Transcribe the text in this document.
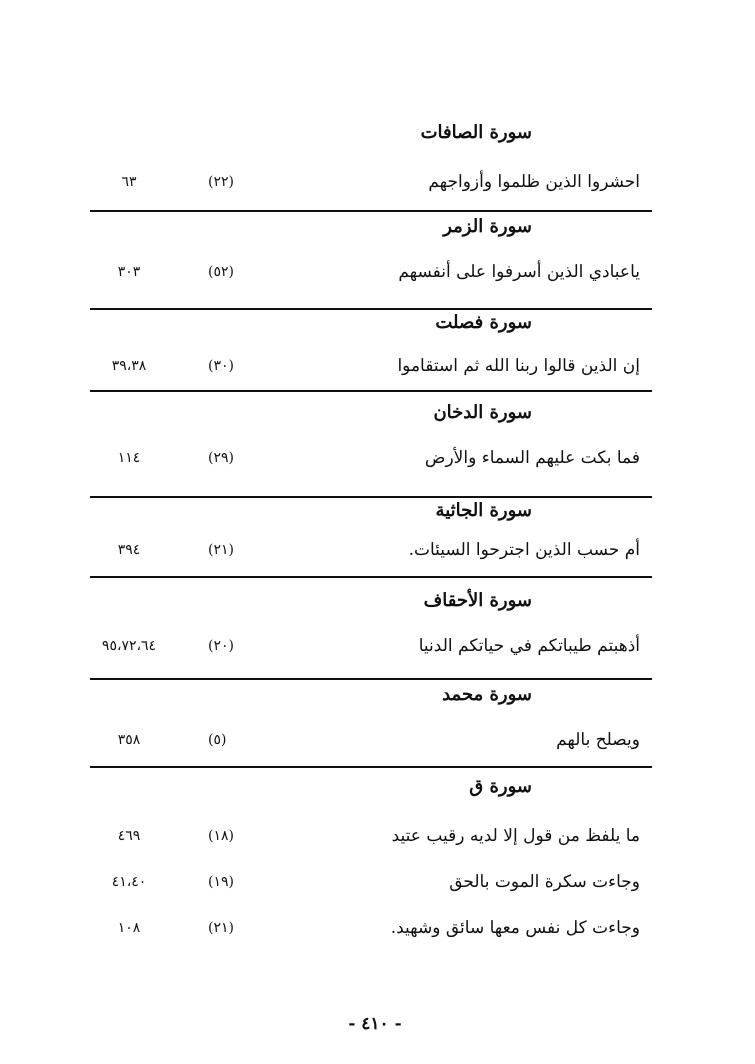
سورة الصافات
احشروا الذين ظلموا وأزواجهم
(٢٢)
٦٣
سورة الزمر
ياعبادي الذين أسرفوا على أنفسهم
(٥٢)
٣٠٣
سورة فصلت
إن الذين قالوا ربنا الله ثم استقاموا
(٣٠)
٣٩،٣٨
سورة الدخان
فما بكت عليهم السماء والأرض
(٢٩)
١١٤
سورة الجاثية
أم حسب الذين اجترحوا السيئات.
(٢١)
٣٩٤
سورة الأحقاف
أذهبتم طيباتكم في حياتكم الدنيا
(٢٠)
٩٥،٧٢،٦٤
سورة محمد
ويصلح بالهم
(٥)
٣٥٨
سورة ق
ما يلفظ من قول إلا لديه رقيب عتيد
(١٨)
٤٦٩
وجاءت سكرة الموت بالحق
(١٩)
٤١،٤٠
وجاءت كل نفس معها سائق وشهيد.
(٢١)
١٠٨
- ٤١٠ -
